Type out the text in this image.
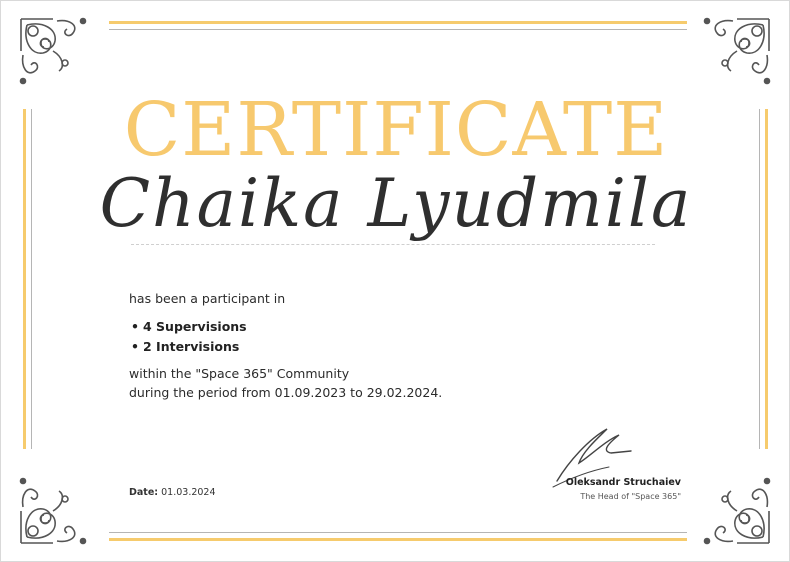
CERTIFICATE
Chaika Lyudmila
has been a participant in
• 4 Supervisions
• 2 Intervisions
within the "Space 365" Community
during the period from 01.09.2023 to 29.02.2024.
Date: 01.03.2024
Oleksandr Struchaiev
The Head of "Space 365"
